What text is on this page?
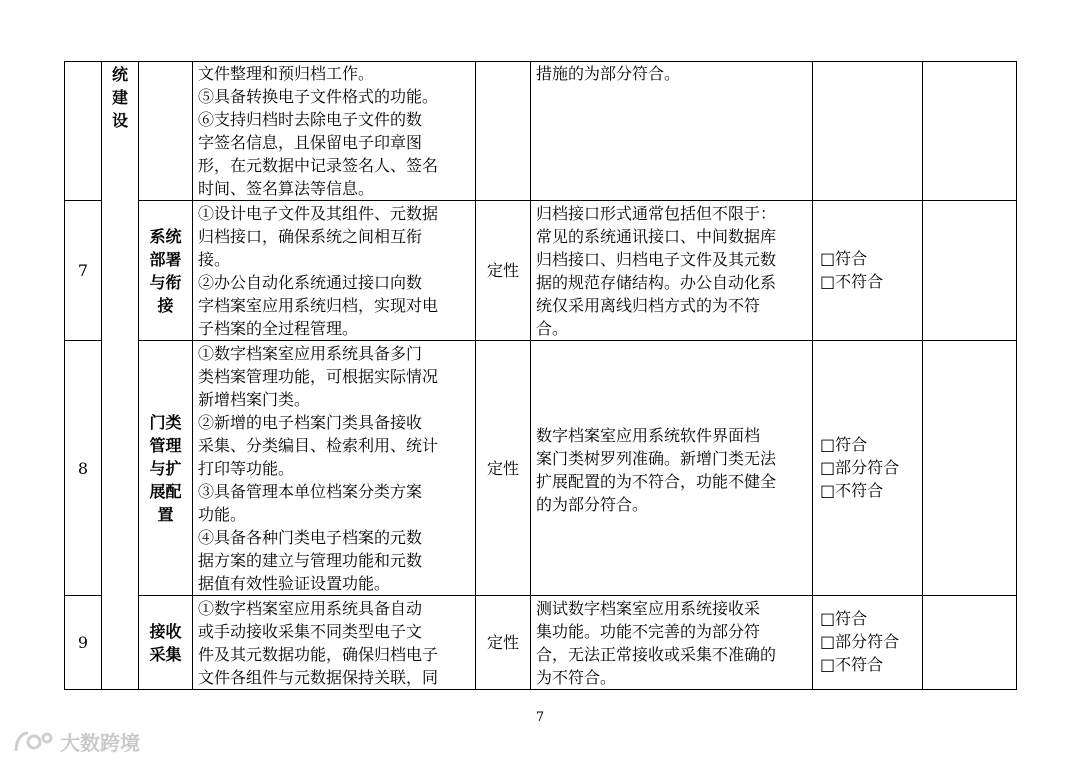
统
建
设
文件整理和预归档工作。
⑤具备转换电子文件格式的功能。
⑥支持归档时去除电子文件的数
字签名信息，且保留电子印章图
形，在元数据中记录签名人、签名
时间、签名算法等信息。
措施的为部分符合。
7
系统
部署
与衔
接
①设计电子文件及其组件、元数据
归档接口，确保系统之间相互衔
接。
②办公自动化系统通过接口向数
字档案室应用系统归档，实现对电
子档案的全过程管理。
定性
归档接口形式通常包括但不限于：
常见的系统通讯接口、中间数据库
归档接口、归档电子文件及其元数
据的规范存储结构。办公自动化系
统仅采用离线归档方式的为不符
合。
□符合
□不符合
8
门类
管理
与扩
展配
置
①数字档案室应用系统具备多门
类档案管理功能，可根据实际情况
新增档案门类。
②新增的电子档案门类具备接收
采集、分类编目、检索利用、统计
打印等功能。
③具备管理本单位档案分类方案
功能。
④具备各种门类电子档案的元数
据方案的建立与管理功能和元数
据值有效性验证设置功能。
定性
数字档案室应用系统软件界面档
案门类树罗列准确。新增门类无法
扩展配置的为不符合，功能不健全
的为部分符合。
□符合
□部分符合
□不符合
9
接收
采集
①数字档案室应用系统具备自动
或手动接收采集不同类型电子文
件及其元数据功能，确保归档电子
文件各组件与元数据保持关联，同
定性
测试数字档案室应用系统接收采
集功能。功能不完善的为部分符
合，无法正常接收或采集不准确的
为不符合。
□符合
□部分符合
□不符合
7
大数跨境
